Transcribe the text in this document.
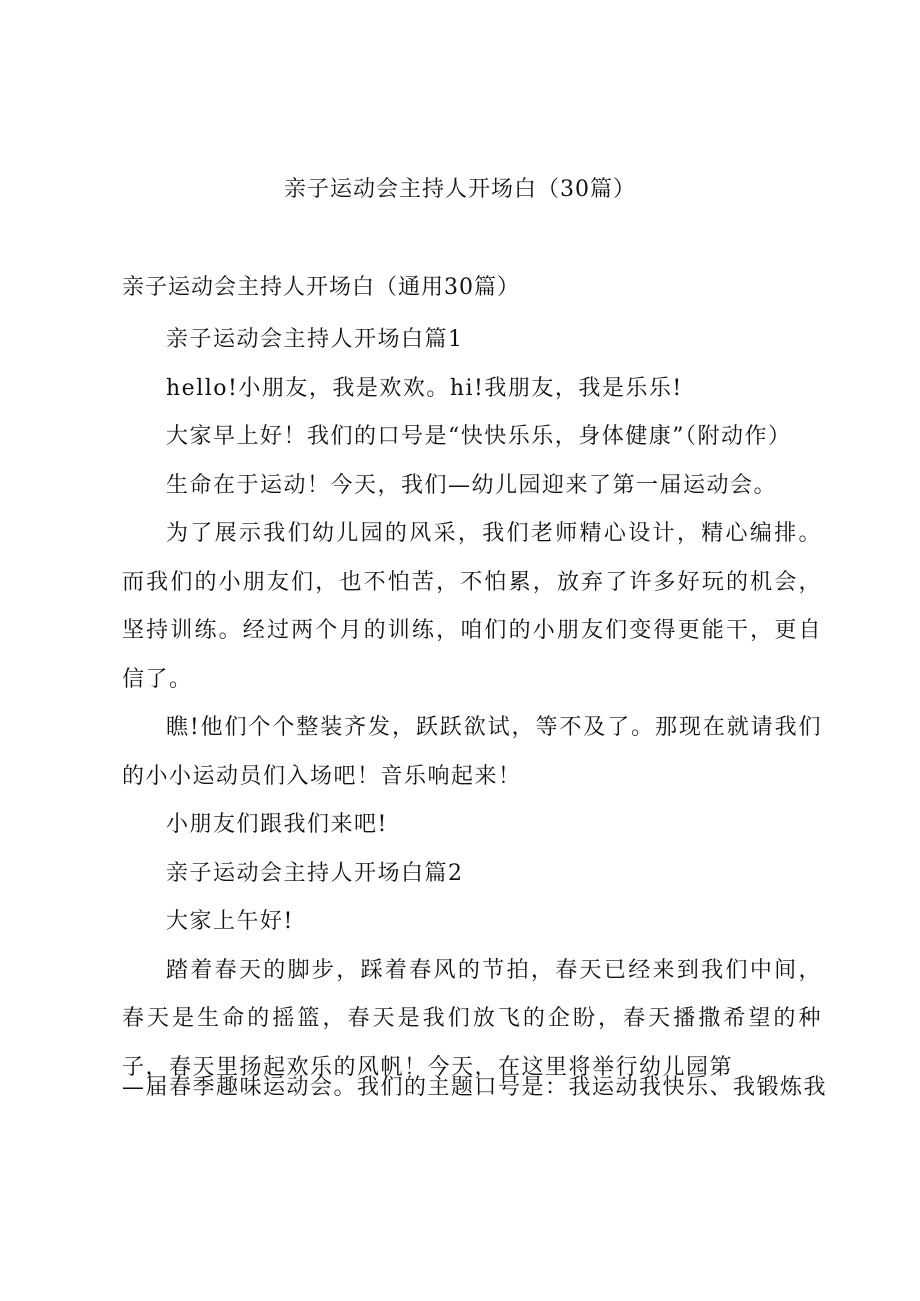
亲子运动会主持人开场白（30篇）
亲子运动会主持人开场白（通用30篇）

亲子运动会主持人开场白篇1

hello!小朋友，我是欢欢。hi!我朋友，我是乐乐!

大家早上好！我们的口号是“快快乐乐，身体健康”（附动作）

生命在于运动！今天，我们—幼儿园迎来了第一届运动会。

为了展示我们幼儿园的风采，我们老师精心设计，精心编排。而我们的小朋友们，也不怕苦，不怕累，放弃了许多好玩的机会，坚持训练。经过两个月的训练，咱们的小朋友们变得更能干，更自信了。

瞧!他们个个整装齐发，跃跃欲试，等不及了。那现在就请我们的小小运动员们入场吧！音乐响起来！

小朋友们跟我们来吧!

亲子运动会主持人开场白篇2

大家上午好!

踏着春天的脚步，踩着春风的节拍，春天已经来到我们中间，春天是生命的摇篮，春天是我们放飞的企盼，春天播撒希望的种子，春天里扬起欢乐的风帆！今天，在这里将举行幼儿园第

—届春季趣味运动会。我们的主题口号是：我运动我快乐、我锻炼我
